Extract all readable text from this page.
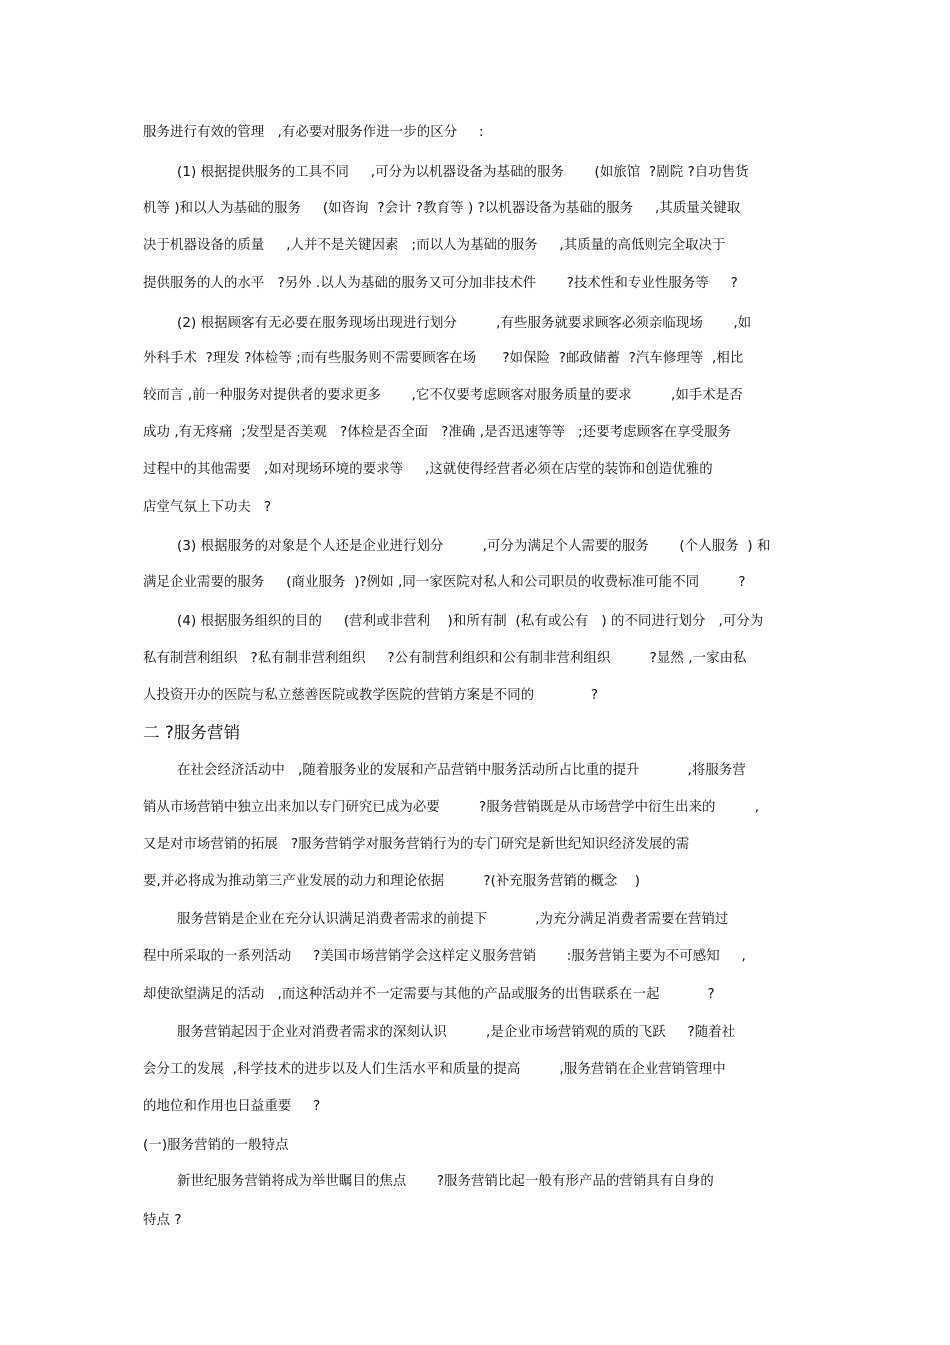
服务进行有效的管理   ,有必要对服务作进一步的区分     :

(1) 根据提供服务的工具不同     ,可分为以机器设备为基础的服务       (如旅馆  ?剧院 ?自功售货

机等 )和以人为基础的服务     (如咨询  ?会计 ?教育等 ) ?以机器设备为基础的服务     ,其质量关键取

决于机器设备的质量     ,人并不是关键因素   ;而以人为基础的服务     ,其质量的高低则完全取决于

提供服务的人的水平   ?另外 .以人为基础的服务又可分加非技术件       ?技术性和专业性服务等     ?

(2) 根据顾客有无必要在服务现场出现进行划分         ,有些服务就要求顾客必须亲临现场       ,如

外科手术  ?理发 ?体检等 ;而有些服务则不需要顾客在场      ?如保险  ?邮政储蓄  ?汽车修理等  ,相比

较而言 ,前一种服务对提供者的要求更多       ,它不仅要考虑顾客对服务质量的要求         ,如手术是否

成功 ,有无疼痛  ;发型是否美观   ?体检是否全面   ?准确 ,是否迅速等等   ;还要考虑顾客在享受服务

过程中的其他需要   ,如对现场环境的要求等     ,这就使得经营者必须在店堂的装饰和创造优雅的

店堂气氛上下功夫   ?

(3) 根据服务的对象是个人还是企业进行划分         ,可分为满足个人需要的服务       (个人服务  ) 和

满足企业需要的服务     (商业服务  )?例如 ,同一家医院对私人和公司职员的收费标准可能不同         ?

(4) 根据服务组织的目的     (营利或非营利    )和所有制  (私有或公有   ) 的不同进行划分   ,可分为

私有制营利组织   ?私有制非营利组织     ?公有制营利组织和公有制非营利组织         ?显然 ,一家由私

人投资开办的医院与私立慈善医院或教学医院的营销方案是不同的             ?

二 ?服务营销

在社会经济活动中   ,随着服务业的发展和产品营销中服务活动所占比重的提升           ,将服务营

销从市场营销中独立出来加以专门研究已成为必要         ?服务营销既是从市场营学中衍生出来的         ,

又是对市场营销的拓展   ?服务营销学对服务营销行为的专门研究是新世纪知识经济发展的需

要,并必将成为推动第三产业发展的动力和理论依据         ?(补充服务营销的概念    )

服务营销是企业在充分认识满足消费者需求的前提下           ,为充分满足消费者需要在营销过

程中所采取的一系列活动     ?美国市场营销学会这样定义服务营销       :服务营销主要为不可感知     ,

却使欲望满足的活动   ,而这种活动并不一定需要与其他的产品或服务的出售联系在一起           ?

服务营销起因于企业对消费者需求的深刻认识         ,是企业市场营销观的质的飞跃     ?随着社

会分工的发展  ,科学技术的进步以及人们生活水平和质量的提高         ,服务营销在企业营销管理中

的地位和作用也日益重要     ?

(一)服务营销的一般特点

新世纪服务营销将成为举世瞩目的焦点       ?服务营销比起一般有形产品的营销具有自身的

特点 ?
